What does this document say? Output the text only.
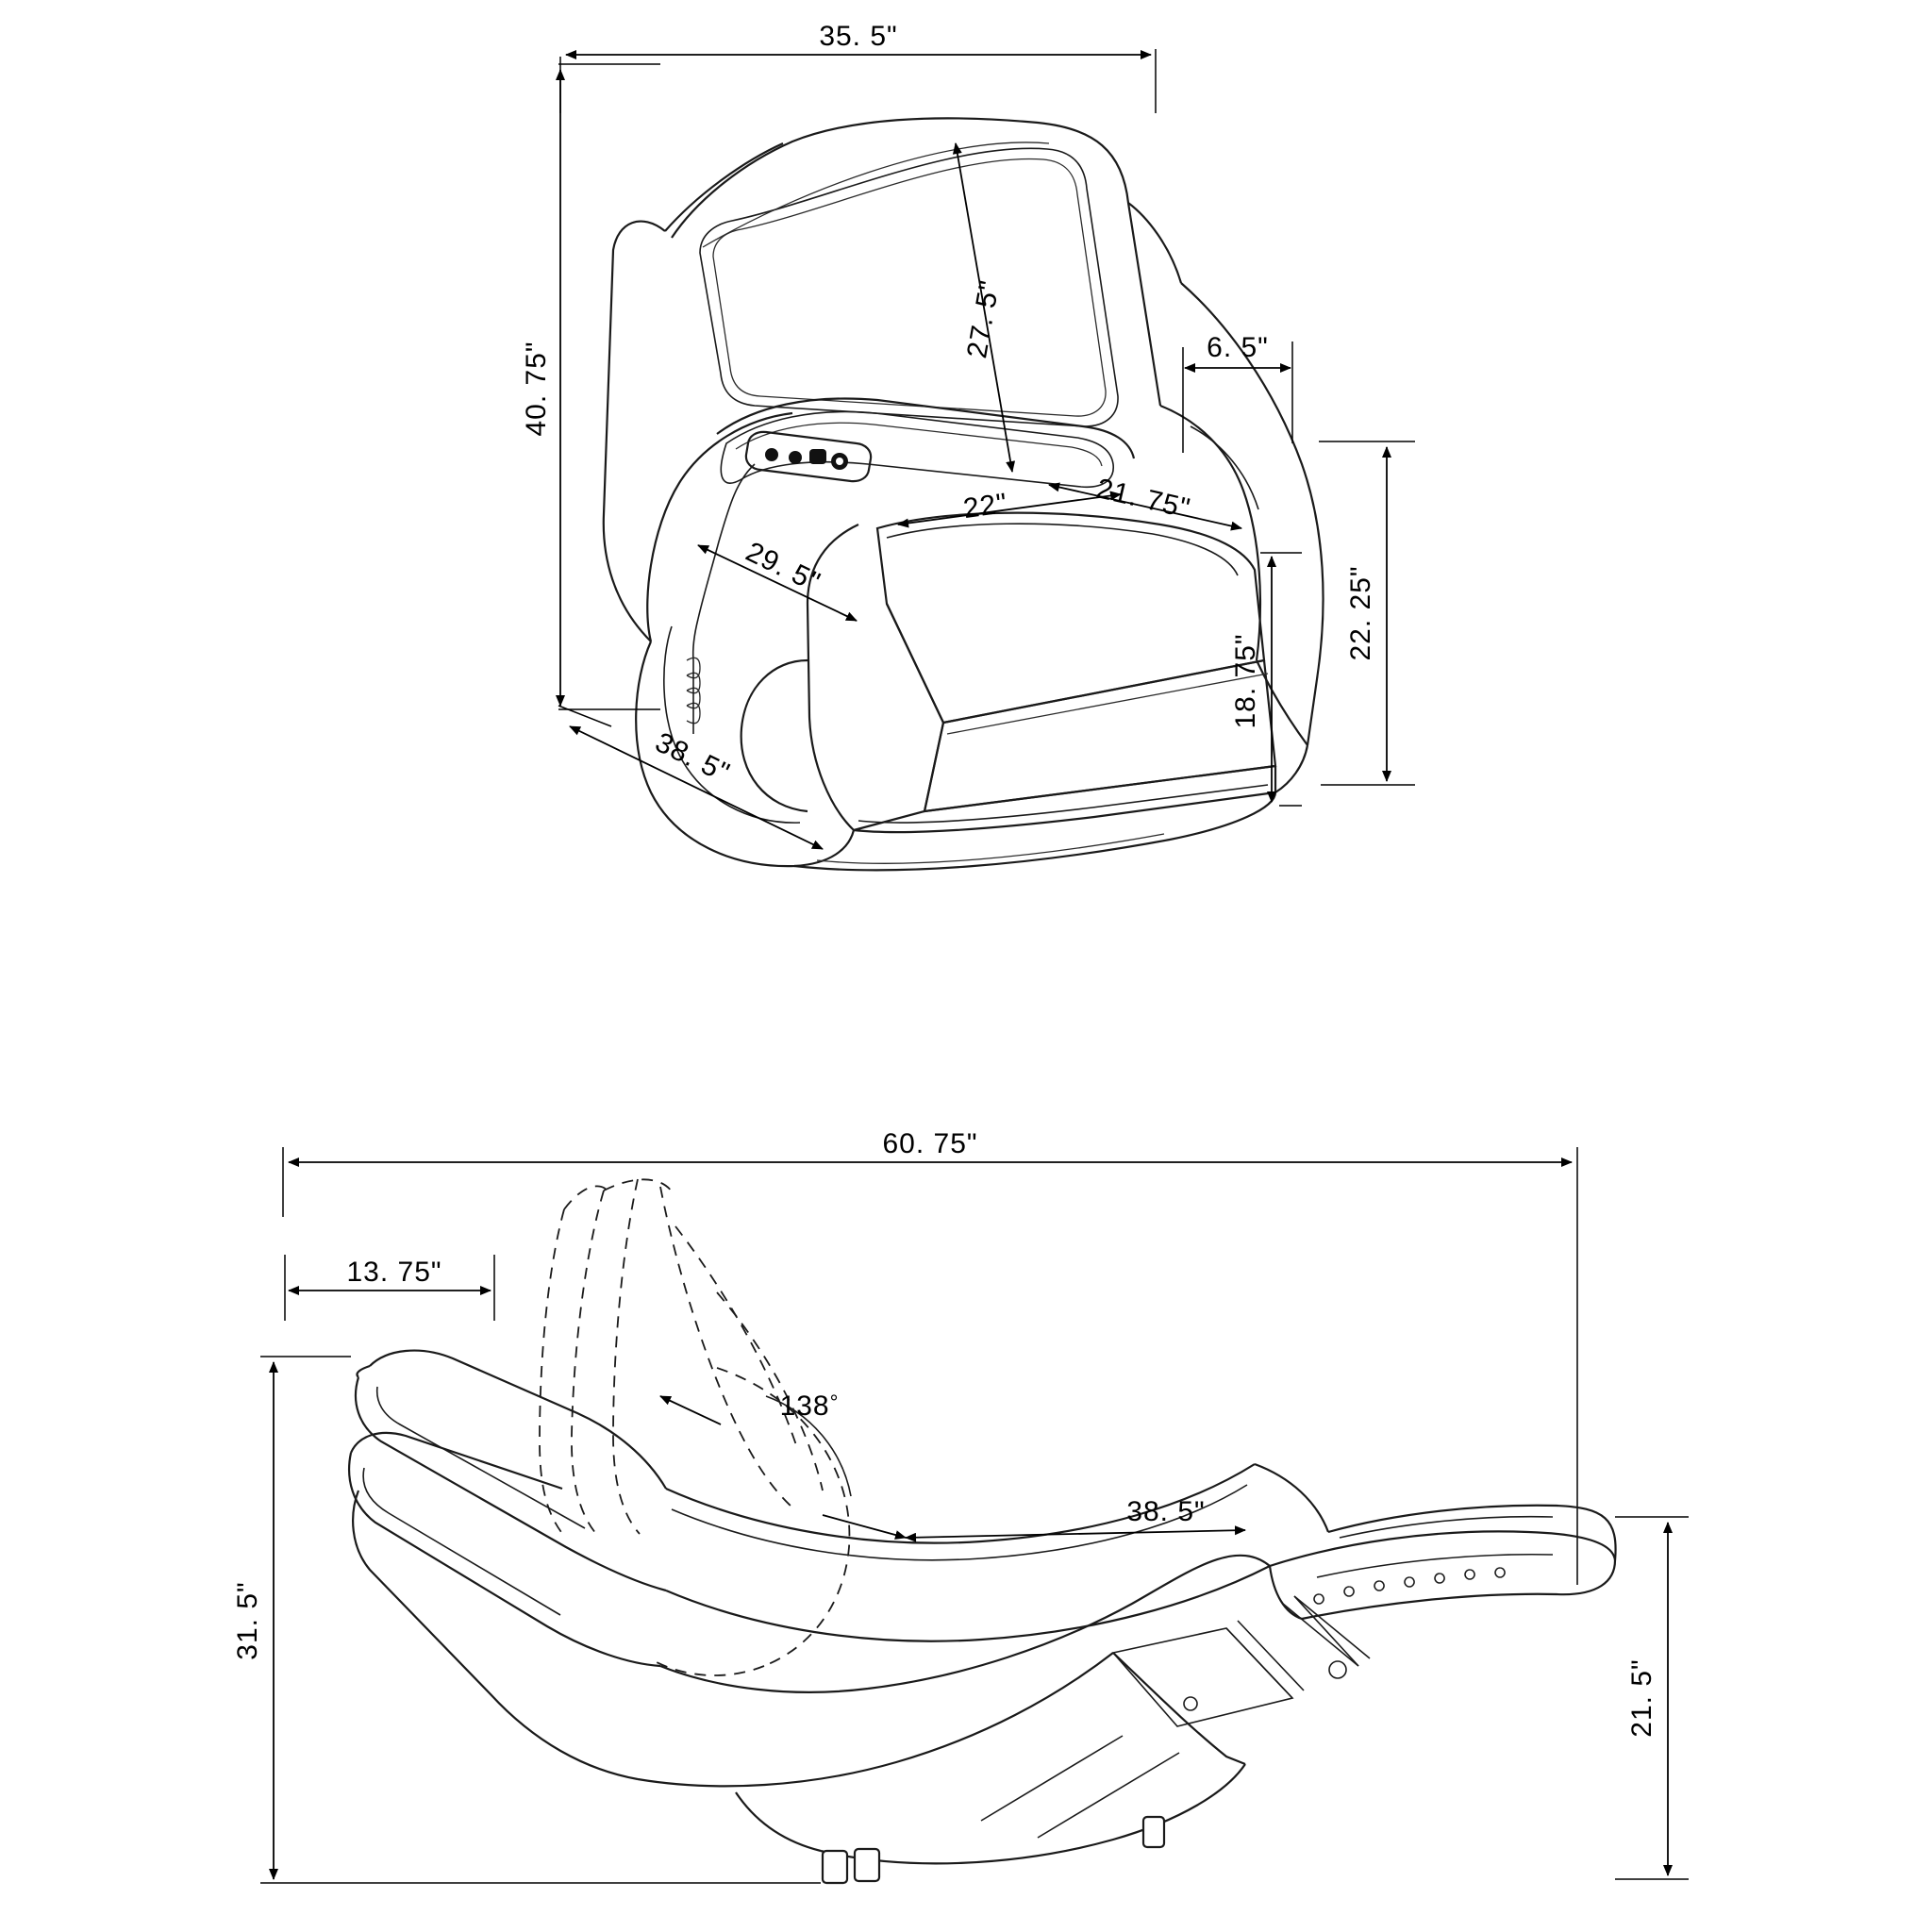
35. 5"
40. 75"
27. 5"	6. 5"
22"	21. 75"
29. 5"	22. 25"
18. 75"
38. 5"
60. 75"
13. 75"
138°
38. 5"
31. 5"
21. 5"
